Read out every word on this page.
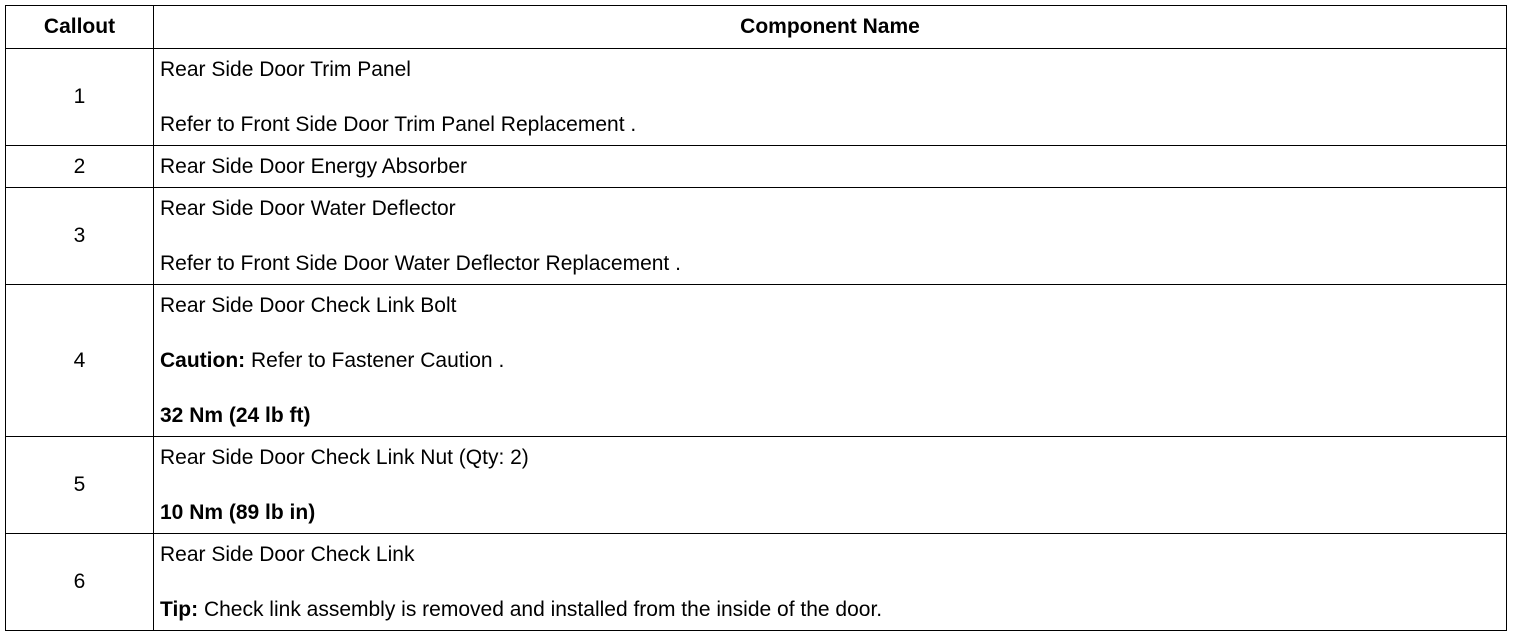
Callout	Component Name
1	Rear Side Door Trim Panel
Refer to Front Side Door Trim Panel Replacement .

2	Rear Side Door Energy Absorber

3	Rear Side Door Water Deflector
Refer to Front Side Door Water Deflector Replacement .

4	Rear Side Door Check Link Bolt
Caution: Refer to Fastener Caution .
32 Nm (24 lb ft)

5	Rear Side Door Check Link Nut (Qty: 2)
10 Nm (89 lb in)

6	Rear Side Door Check Link
Tip: Check link assembly is removed and installed from the inside of the door.
